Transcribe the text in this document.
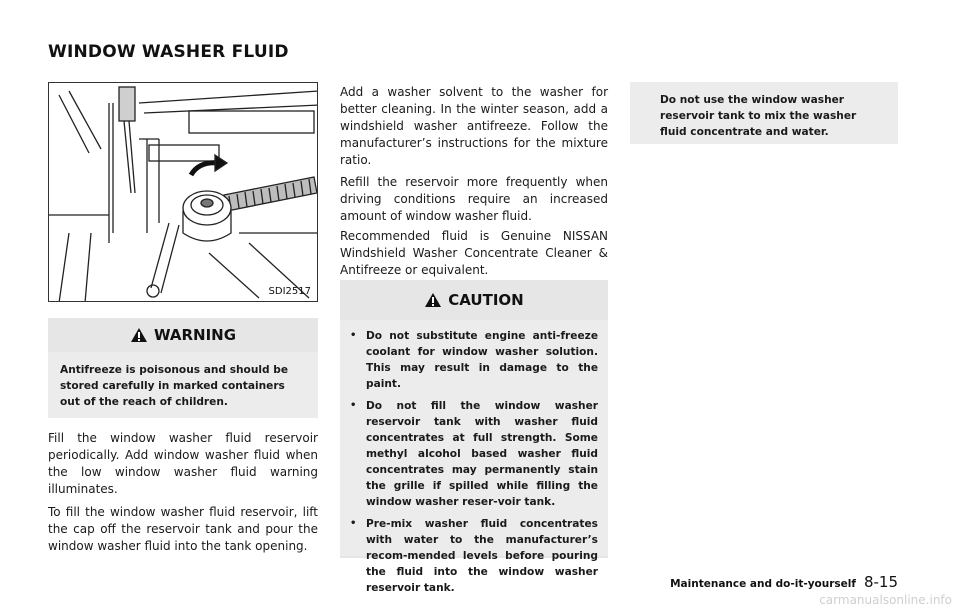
WINDOW WASHER FLUID
SDI2517
WARNING
Antifreeze is poisonous and should be stored carefully in marked containers out of the reach of children.

Fill the window washer fluid reservoir periodically. Add window washer fluid when the low window washer fluid warning illuminates.

To fill the window washer fluid reservoir, lift the cap off the reservoir tank and pour the window washer fluid into the tank opening.

Add a washer solvent to the washer for better cleaning. In the winter season, add a windshield washer antifreeze. Follow the manufacturer’s instructions for the mixture ratio.

Refill the reservoir more frequently when driving conditions require an increased amount of window washer fluid.

Recommended fluid is Genuine NISSAN Windshield Washer Concentrate Cleaner & Antifreeze or equivalent.

CAUTION
• Do not substitute engine anti-freeze coolant for window washer solution. This may result in damage to the paint.
• Do not fill the window washer reservoir tank with washer fluid concentrates at full strength. Some methyl alcohol based washer fluid concentrates may permanently stain the grille if spilled while filling the window washer reser-voir tank.
• Pre-mix washer fluid concentrates with water to the manufacturer’s recom-mended levels before pouring the fluid into the window washer reservoir tank.
Do not use the window washer reservoir tank to mix the washer fluid concentrate and water.
Maintenance and do-it-yourself 8-15
carmanualsonline.info
